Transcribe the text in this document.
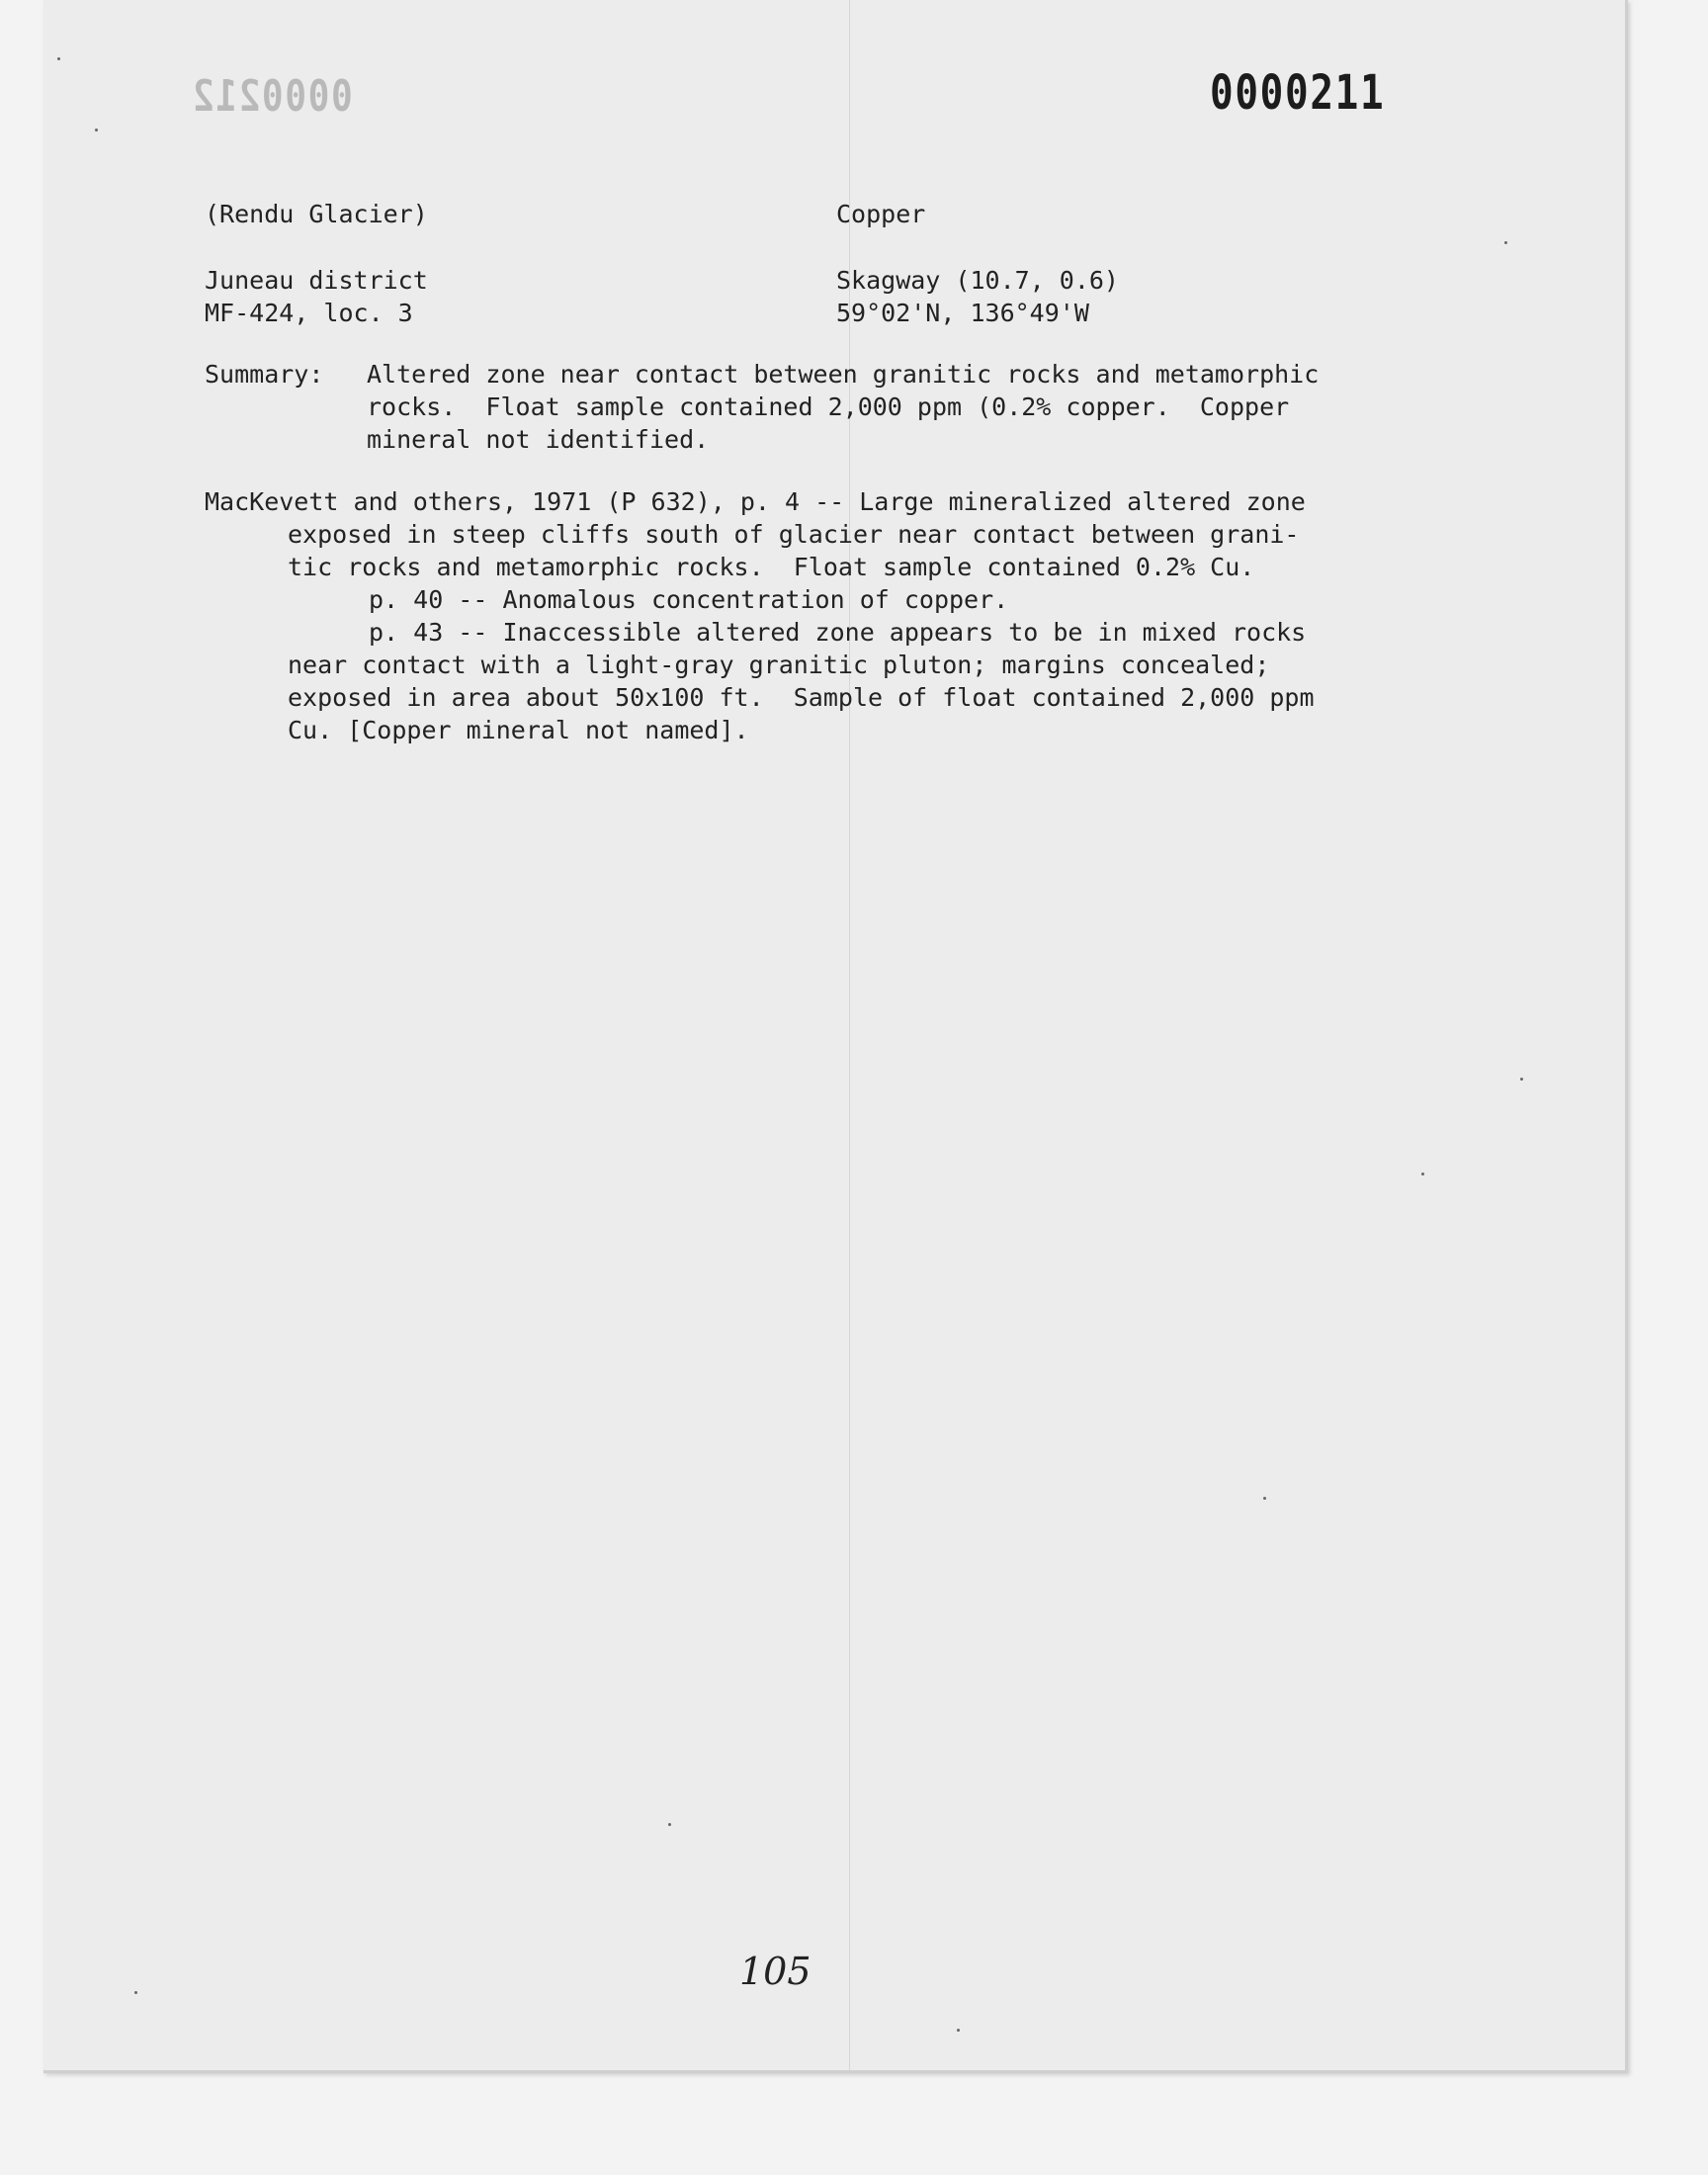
0000212	0000211
(Rendu Glacier)	Copper
Juneau district
MF-424, loc. 3
Skagway (10.7, 0.6)
59°02'N, 136°49'W
Summary: Altered zone near contact between granitic rocks and metamorphic
rocks.  Float sample contained 2,000 ppm (0.2% copper.  Copper
mineral not identified.
MacKevett and others, 1971 (P 632), p. 4 -- Large mineralized altered zone
exposed in steep cliffs south of glacier near contact between grani-
tic rocks and metamorphic rocks.  Float sample contained 0.2% Cu.
p. 40 -- Anomalous concentration of copper.
p. 43 -- Inaccessible altered zone appears to be in mixed rocks
near contact with a light-gray granitic pluton; margins concealed;
exposed in area about 50x100 ft.  Sample of float contained 2,000 ppm
Cu. [Copper mineral not named].
105
